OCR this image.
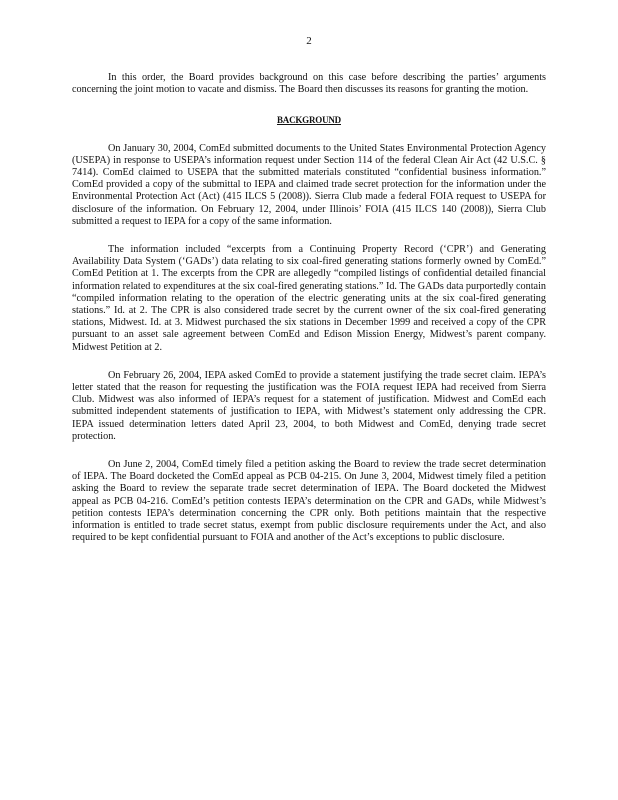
2

In this order, the Board provides background on this case before describing the parties’ arguments concerning the joint motion to vacate and dismiss. The Board then discusses its reasons for granting the motion.

BACKGROUND

On January 30, 2004, ComEd submitted documents to the United States Environmental Protection Agency (USEPA) in response to USEPA’s information request under Section 114 of the federal Clean Air Act (42 U.S.C. § 7414). ComEd claimed to USEPA that the submitted materials constituted “confidential business information.” ComEd provided a copy of the submittal to IEPA and claimed trade secret protection for the information under the Environmental Protection Act (Act) (415 ILCS 5 (2008)). Sierra Club made a federal FOIA request to USEPA for disclosure of the information. On February 12, 2004, under Illinois’ FOIA (415 ILCS 140 (2008)), Sierra Club submitted a request to IEPA for a copy of the same information.

The information included “excerpts from a Continuing Property Record (‘CPR’) and Generating Availability Data System (‘GADs’) data relating to six coal-fired generating stations formerly owned by ComEd.” ComEd Petition at 1. The excerpts from the CPR are allegedly “compiled listings of confidential detailed financial information related to expenditures at the six coal-fired generating stations.” Id. The GADs data purportedly contain “compiled information relating to the operation of the electric generating units at the six coal-fired generating stations.” Id. at 2. The CPR is also considered trade secret by the current owner of the six coal-fired generating stations, Midwest. Id. at 3. Midwest purchased the six stations in December 1999 and received a copy of the CPR pursuant to an asset sale agreement between ComEd and Edison Mission Energy, Midwest’s parent company. Midwest Petition at 2.

On February 26, 2004, IEPA asked ComEd to provide a statement justifying the trade secret claim. IEPA’s letter stated that the reason for requesting the justification was the FOIA request IEPA had received from Sierra Club. Midwest was also informed of IEPA’s request for a statement of justification. Midwest and ComEd each submitted independent statements of justification to IEPA, with Midwest’s statement only addressing the CPR. IEPA issued determination letters dated April 23, 2004, to both Midwest and ComEd, denying trade secret protection.

On June 2, 2004, ComEd timely filed a petition asking the Board to review the trade secret determination of IEPA. The Board docketed the ComEd appeal as PCB 04-215. On June 3, 2004, Midwest timely filed a petition asking the Board to review the separate trade secret determination of IEPA. The Board docketed the Midwest appeal as PCB 04-216. ComEd’s petition contests IEPA’s determination on the CPR and GADs, while Midwest’s petition contests IEPA’s determination concerning the CPR only. Both petitions maintain that the respective information is entitled to trade secret status, exempt from public disclosure requirements under the Act, and also required to be kept confidential pursuant to FOIA and another of the Act’s exceptions to public disclosure.
